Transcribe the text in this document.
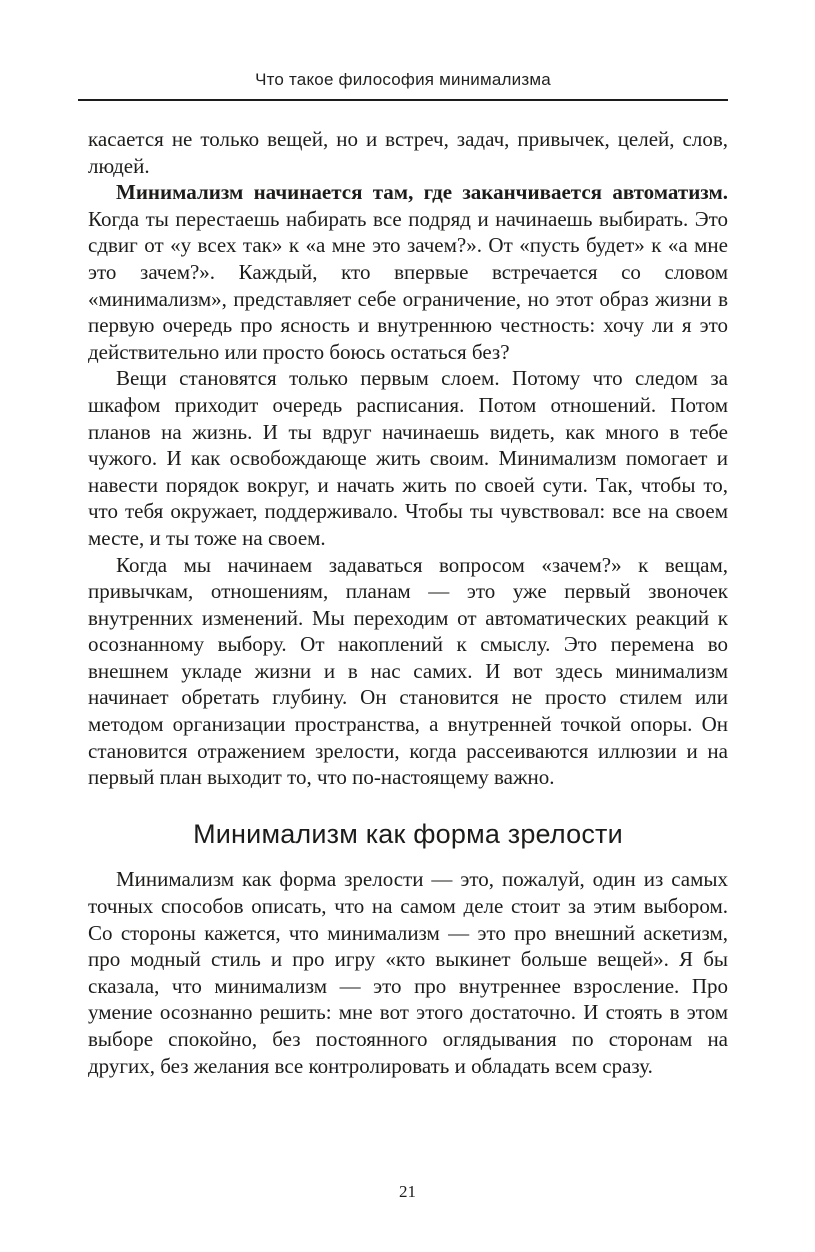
Что такое философия минимализма

касается не только вещей, но и встреч, задач, привычек, целей, слов, людей.

Минимализм начинается там, где заканчивается автоматизм. Когда ты перестаешь набирать все подряд и начинаешь выбирать. Это сдвиг от «у всех так» к «а мне это зачем?». От «пусть будет» к «а мне это зачем?». Каждый, кто впервые встречается со словом «минимализм», представляет себе ограничение, но этот образ жизни в первую очередь про ясность и внутреннюю честность: хочу ли я это действительно или просто боюсь остаться без?

Вещи становятся только первым слоем. Потому что следом за шкафом приходит очередь расписания. Потом отношений. Потом планов на жизнь. И ты вдруг начинаешь видеть, как много в тебе чужого. И как освобождающе жить своим. Минимализм помогает и навести порядок вокруг, и начать жить по своей сути. Так, чтобы то, что тебя окружает, поддерживало. Чтобы ты чувствовал: все на своем месте, и ты тоже на своем.

Когда мы начинаем задаваться вопросом «зачем?» к вещам, привычкам, отношениям, планам — это уже первый звоночек внутренних изменений. Мы переходим от автоматических реакций к осознанному выбору. От накоплений к смыслу. Это перемена во внешнем укладе жизни и в нас самих. И вот здесь минимализм начинает обретать глубину. Он становится не просто стилем или методом организации пространства, а внутренней точкой опоры. Он становится отражением зрелости, когда рассеиваются иллюзии и на первый план выходит то, что по-настоящему важно.

Минимализм как форма зрелости

Минимализм как форма зрелости — это, пожалуй, один из самых точных способов описать, что на самом деле стоит за этим выбором. Со стороны кажется, что минимализм — это про внешний аскетизм, про модный стиль и про игру «кто выкинет больше вещей». Я бы сказала, что минимализм — это про внутреннее взросление. Про умение осознанно решить: мне вот этого достаточно. И стоять в этом выборе спокойно, без постоянного оглядывания по сторонам на других, без желания все контролировать и обладать всем сразу.

21
